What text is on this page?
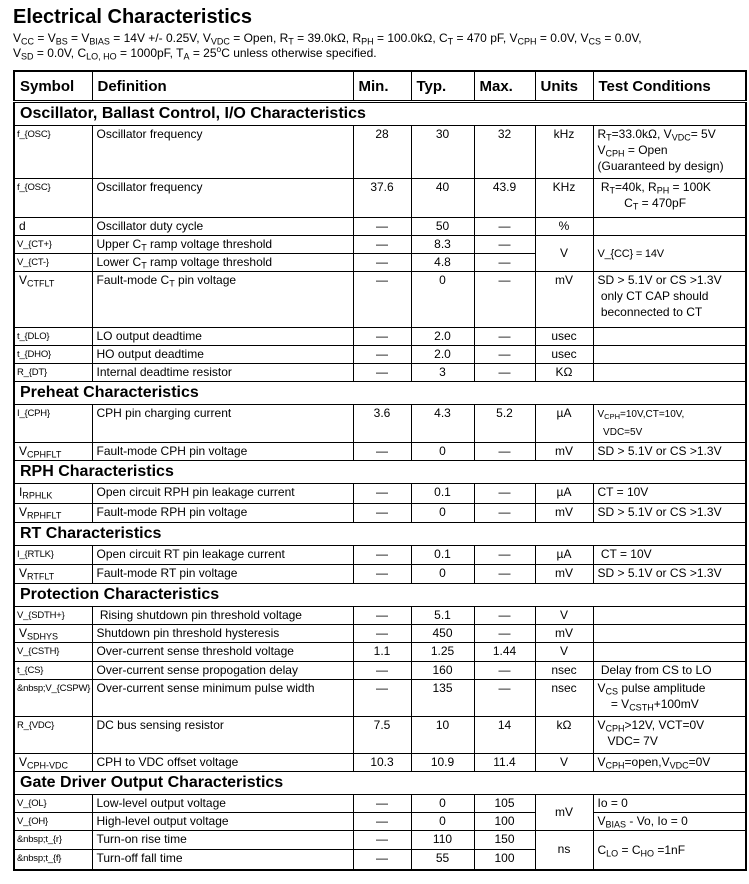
Electrical Characteristics
$V_{CC} = V_{BS} = V_{BIAS} = 14V$ +/- 0.25V, $V_{VDC}$ = Open, $R_T = 39.0k\Omega$, $R_{PH} = 100.0k\Omega$, $C_T = 470$ pF, $V_{CPH} = 0.0V$, $V_{CS} = 0.0V$,
$V_{SD} = 0.0V$, $C_{LO, HO} = 1000pF$, $T_A = 25^oC$ unless otherwise specified.
Symbol	Definition	Min.	Typ.	Max.	Units	Test Conditions
Oscillator, Ballast Control, I/O Characteristics						
f_{OSC}	Oscillator frequency	28	30	32	kHz	$R_T=33.0k\Omega$, $V_{VDC}= 5V$
$V_{CPH}$ = Open
(Guaranteed by design)
f_{OSC}	Oscillator frequency	37.6	40	43.9	KHz	$R_T=40k$, $R_{PH} = 100K$
$C_T = 470pF$
d	Oscillator duty cycle	—	50	—	%	
V_{CT+}	Upper $C_T$ ramp voltage threshold	—	8.3	—	V	V_{CC} = 14V
V_{CT-}	Lower $C_T$ ramp voltage threshold	—	4.8	—		
$V_{CTFLT}$	Fault-mode $C_T$ pin voltage	—	0	—	mV	SD > 5.1V or CS >1.3V
only CT CAP should
beconnected to CT
t_{DLO}	LO output deadtime	—	2.0	—	usec	
t_{DHO}	HO output deadtime	—	2.0	—	usec	
R_{DT}	Internal deadtime resistor	—	3	—	KΩ	
Preheat Characteristics						
I_{CPH}	CPH pin charging current	3.6	4.3	5.2	µA	$V_{CPH}=10V,CT=10V$,
VDC=5V
$V_{CPHFLT}$	Fault-mode CPH pin voltage	—	0	—	mV	SD > 5.1V or CS >1.3V
RPH Characteristics						
$I_{RPHLK}$	Open circuit RPH pin leakage current	—	0.1	—	µA	CT = 10V
$V_{RPHFLT}$	Fault-mode RPH pin voltage	—	0	—	mV	SD > 5.1V or CS >1.3V
RT Characteristics						
I_{RTLK}	Open circuit RT pin leakage current	—	0.1	—	µA	CT = 10V
$V_{RTFLT}$	Fault-mode RT pin voltage	—	0	—	mV	SD > 5.1V or CS >1.3V
Protection Characteristics						
V_{SDTH+}	Rising shutdown pin threshold voltage	—	5.1	—	V	
$V_{SDHYS}$	Shutdown pin threshold hysteresis	—	450	—	mV	
V_{CSTH}	Over-current sense threshold voltage	1.1	1.25	1.44	V	
t_{CS}	Over-current sense propogation delay	—	160	—	nsec	Delay from CS to LO
&nbsp;V_{CSPW}	Over-current sense minimum pulse width	—	135	—	nsec	$V_{CS}$ pulse amplitude
= $V_{CSTH}+100mV$
R_{VDC}	DC bus sensing resistor	7.5	10	14	kΩ	$V_{CPH}>12V$, VCT=0V
VDC= 7V
$V_{CPH-VDC}$	CPH to VDC offset voltage	10.3	10.9	11.4	V	$V_{CPH}=open,V_{VDC}=0V$
Gate Driver Output Characteristics						
V_{OL}	Low-level output voltage	—	0	105	mV	Io = 0
V_{OH}	High-level output voltage	—	0	100		$V_{BIAS}$ - Vo, Io = 0
&nbsp;t_{r}	Turn-on rise time	—	110	150	ns	$C_{LO} = C_{HO} =1nF$
&nbsp;t_{f}	Turn-off fall time	—	55	100		
